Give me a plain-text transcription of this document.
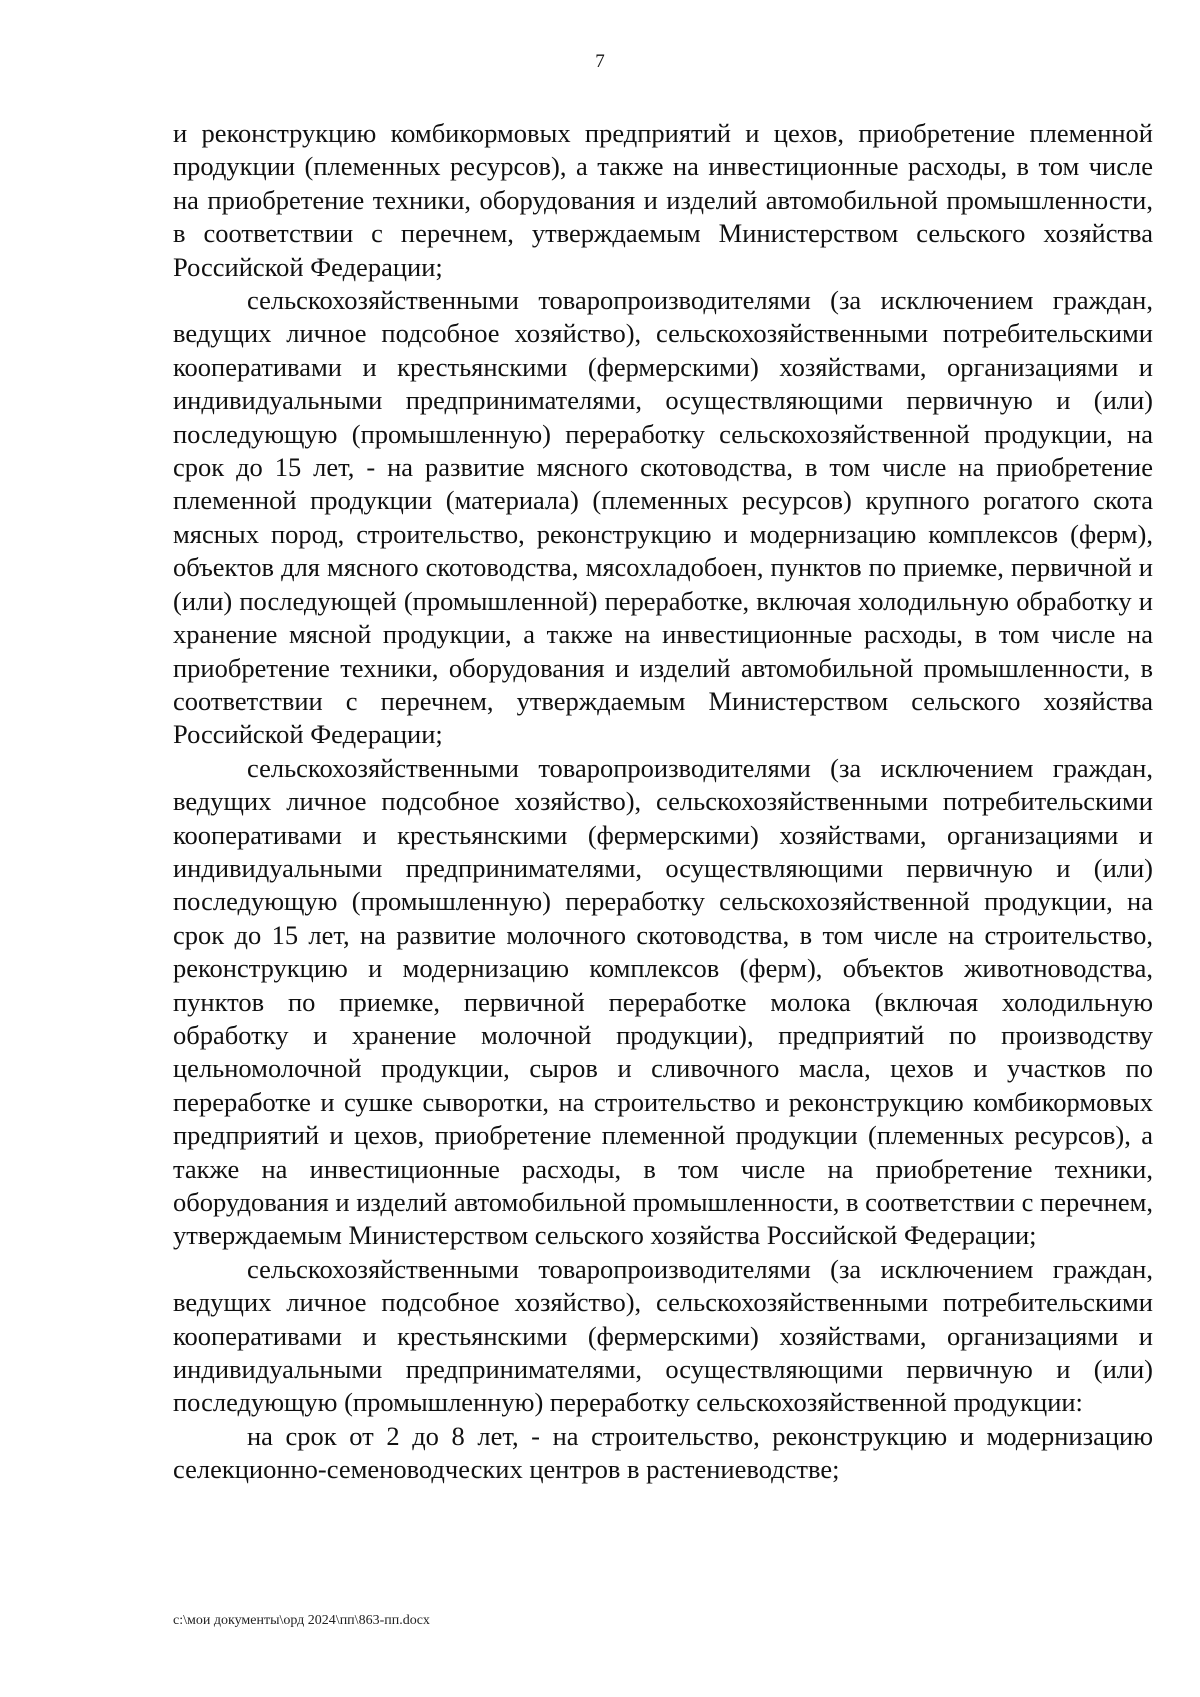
7

и реконструкцию комбикормовых предприятий и цехов, приобретение племенной продукции (племенных ресурсов), а также на инвестиционные расходы, в том числе на приобретение техники, оборудования и изделий автомобильной промышленности, в соответствии с перечнем, утверждаемым Министерством сельского хозяйства Российской Федерации;

сельскохозяйственными товаропроизводителями (за исключением граждан, ведущих личное подсобное хозяйство), сельскохозяйственными потребительскими кооперативами и крестьянскими (фермерскими) хозяйствами, организациями и индивидуальными предпринимателями, осуществляющими первичную и (или) последующую (промышленную) переработку сельскохозяйственной продукции, на срок до 15 лет, - на развитие мясного скотоводства, в том числе на приобретение племенной продукции (материала) (племенных ресурсов) крупного рогатого скота мясных пород, строительство, реконструкцию и модернизацию комплексов (ферм), объектов для мясного скотоводства, мясохладобоен, пунктов по приемке, первичной и (или) последующей (промышленной) переработке, включая холодильную обработку и хранение мясной продукции, а также на инвестиционные расходы, в том числе на приобретение техники, оборудования и изделий автомобильной промышленности, в соответствии с перечнем, утверждаемым Министерством сельского хозяйства Российской Федерации;

сельскохозяйственными товаропроизводителями (за исключением граждан, ведущих личное подсобное хозяйство), сельскохозяйственными потребительскими кооперативами и крестьянскими (фермерскими) хозяйствами, организациями и индивидуальными предпринимателями, осуществляющими первичную и (или) последующую (промышленную) переработку сельскохозяйственной продукции, на срок до 15 лет, на развитие молочного скотоводства, в том числе на строительство, реконструкцию и модернизацию комплексов (ферм), объектов животноводства, пунктов по приемке, первичной переработке молока (включая холодильную обработку и хранение молочной продукции), предприятий по производству цельномолочной продукции, сыров и сливочного масла, цехов и участков по переработке и сушке сыворотки, на строительство и реконструкцию комбикормовых предприятий и цехов, приобретение племенной продукции (племенных ресурсов), а также на инвестиционные расходы, в том числе на приобретение техники, оборудования и изделий автомобильной промышленности, в соответствии с перечнем, утверждаемым Министерством сельского хозяйства Российской Федерации;

сельскохозяйственными товаропроизводителями (за исключением граждан, ведущих личное подсобное хозяйство), сельскохозяйственными потребительскими кооперативами и крестьянскими (фермерскими) хозяйствами, организациями и индивидуальными предпринимателями, осуществляющими первичную и (или) последующую (промышленную) переработку сельскохозяйственной продукции:

на срок от 2 до 8 лет, - на строительство, реконструкцию и модернизацию селекционно-семеноводческих центров в растениеводстве;

c:\мои документы\орд 2024\пп\863-пп.docx
